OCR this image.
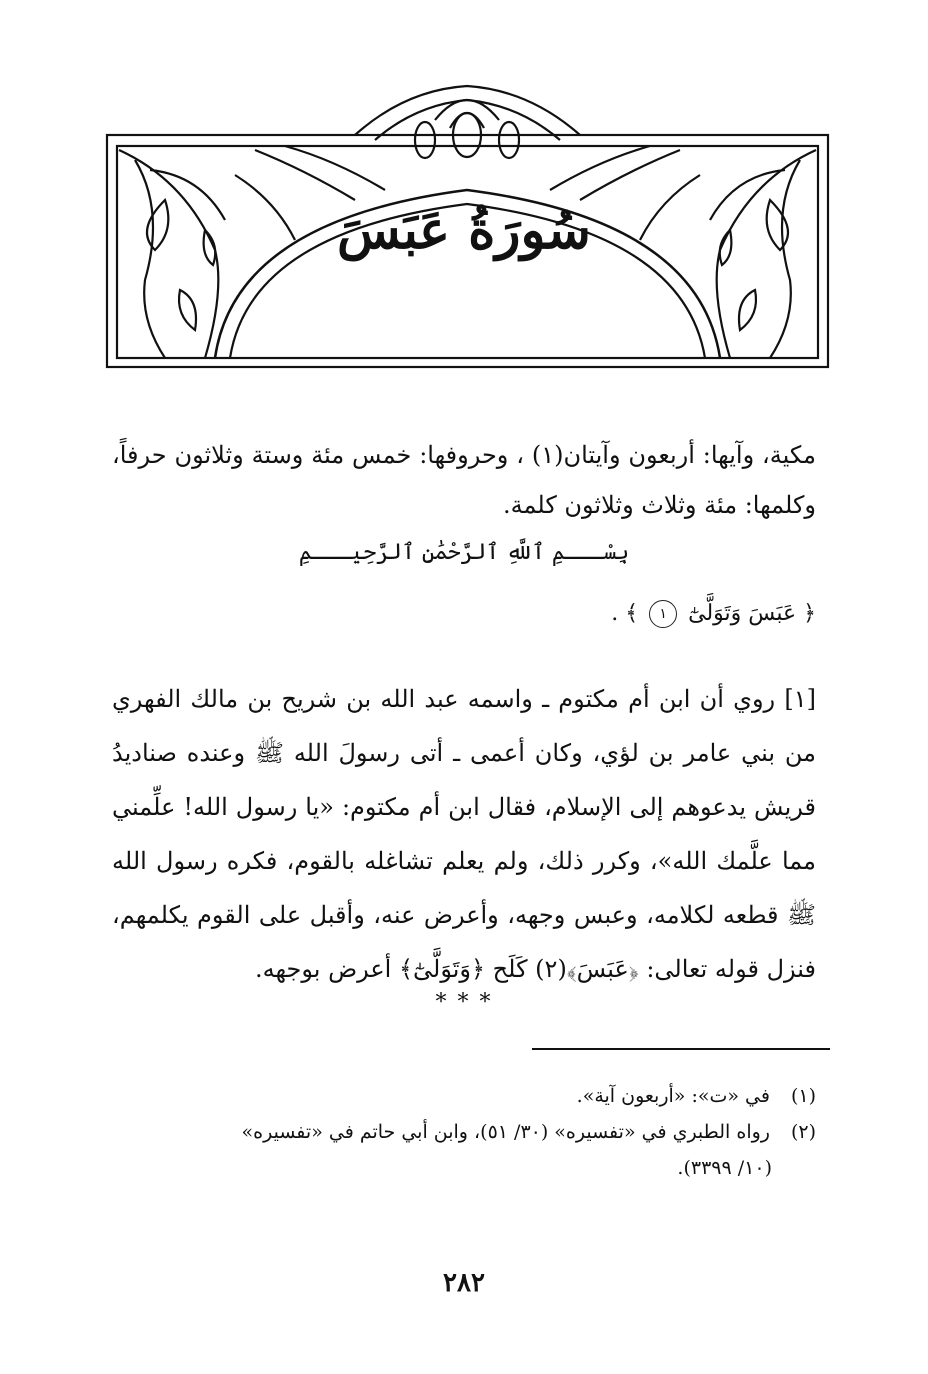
سُورَةُ عَبَسَ

مكية، وآيها: أربعون وآيتان(١) ، وحروفها: خمس مئة وستة وثلاثون حرفاً، وكلمها: مئة وثلاث وثلاثون كلمة.

بِسْـــمِ ٱللَّهِ ٱلرَّحْمَٰنِ ٱلرَّحِيـــمِ
﴿ عَبَسَ وَتَوَلَّىٰٓ ١ ﴾ .

[١] روي أن ابن أم مكتوم ـ واسمه عبد الله بن شريح بن مالك الفهري من بني عامر بن لؤي، وكان أعمى ـ أتى رسولَ الله ﷺ وعنده صناديدُ قريش يدعوهم إلى الإسلام، فقال ابن أم مكتوم: «يا رسول الله! علِّمني مما علَّمك الله»، وكرر ذلك، ولم يعلم تشاغله بالقوم، فكره رسول الله ﷺ قطعه لكلامه، وعبس وجهه، وأعرض عنه، وأقبل على القوم يكلمهم، فنزل قوله تعالى: ﴿عَبَسَ﴾(٢) كَلَح ﴿وَتَوَلَّىٰٓ﴾ أعرض بوجهه.

* * *

(١) في «ت»: «أربعون آية».

(٢) رواه الطبري في «تفسيره» (٣٠/ ٥١)، وابن أبي حاتم في «تفسيره»

(١٠/ ٣٣٩٩).

٢٨٢
